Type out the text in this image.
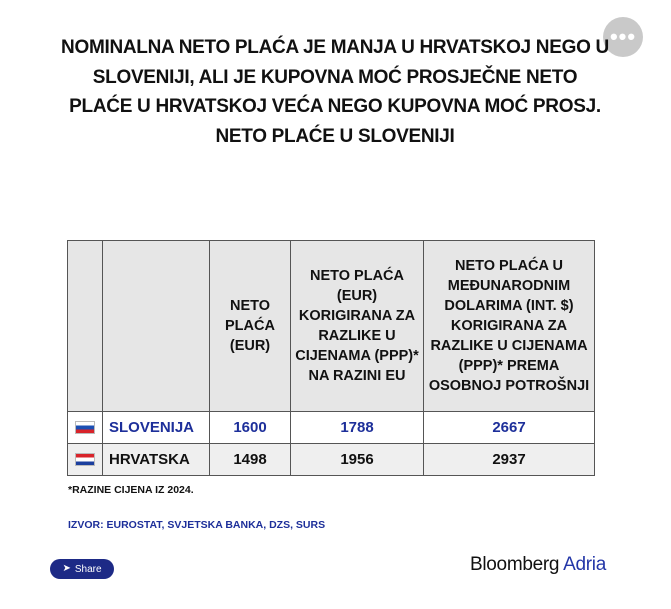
•••
NOMINALNA NETO PLAĆA JE MANJA U HRVATSKOJ NEGO U SLOVENIJI, ALI JE KUPOVNA MOĆ PROSJEČNE NETO PLAĆE U HRVATSKOJ VEĆA NEGO KUPOVNA MOĆ PROSJ. NETO PLAĆE U SLOVENIJI
		NETO PLAĆA (EUR)	NETO PLAĆA (EUR) KORIGIRANA ZA RAZLIKE U CIJENAMA (PPP)* NA RAZINI EU	NETO PLAĆA U MEĐUNARODNIM DOLARIMA (INT. $) KORIGIRANA ZA RAZLIKE U CIJENAMA (PPP)* PREMA OSOBNOJ POTROŠNJI

	SLOVENIJA	1600	1788	2667

	HRVATSKA	1498	1956	2937
*RAZINE CIJENA IZ 2024.
IZVOR: EUROSTAT, SVJETSKA BANKA, DZS, SURS
➤ Share	Bloomberg Adria
